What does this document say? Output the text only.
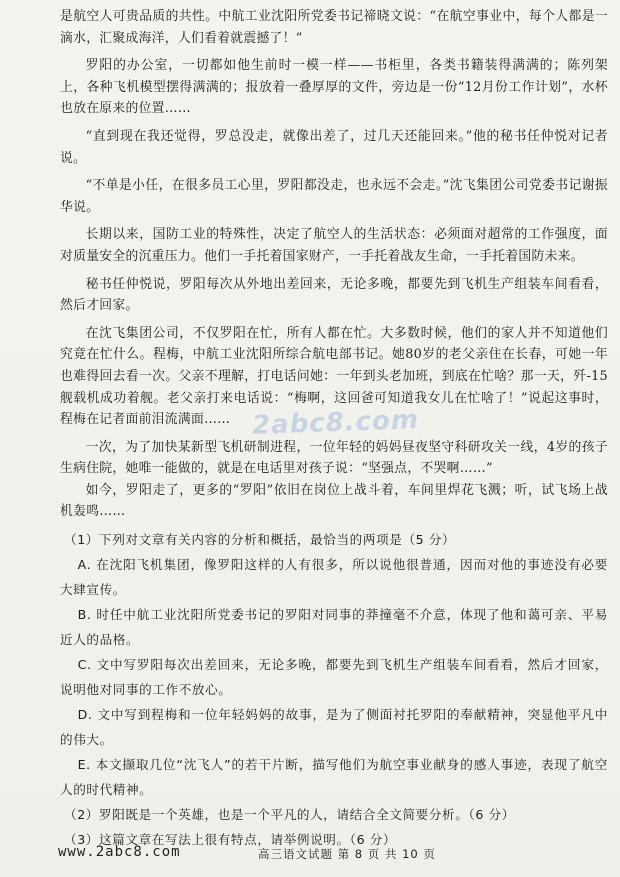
是航空人可贵品质的共性。中航工业沈阳所党委书记禘晓文说：“在航空事业中，每个人都是一滴水，汇聚成海洋，人们看着就震撼了！”

罗阳的办公室，一切都如他生前时一模一样——书柜里，各类书籍装得满满的；陈列架上，各种飞机模型摆得满满的；报放着一叠厚厚的文件，旁边是一份“12月份工作计划”，水杯也放在原来的位置……

“直到现在我还觉得，罗总没走，就像出差了，过几天还能回来。”他的秘书任仲悦对记者说。

“不单是小任，在很多员工心里，罗阳都没走，也永远不会走。”沈飞集团公司党委书记谢振华说。

长期以来，国防工业的特殊性，决定了航空人的生活状态：必须面对超常的工作强度，面对质量安全的沉重压力。他们一手托着国家财产，一手托着战友生命，一手托着国防未来。

秘书任仲悦说，罗阳每次从外地出差回来，无论多晚，都要先到飞机生产组装车间看看，然后才回家。

在沈飞集团公司，不仅罗阳在忙，所有人都在忙。大多数时候，他们的家人并不知道他们究竟在忙什么。程梅，中航工业沈阳所综合航电部书记。她80岁的老父亲住在长春，可她一年也难得回去看一次。父亲不理解，打电话问她：一年到头老加班，到底在忙啥？那一天，歼-15舰载机成功着舰。老父亲打来电话说：“梅啊，这回爸可知道我女儿在忙啥了！”说起这事时，程梅在记者面前泪流满面……

一次，为了加快某新型飞机研制进程，一位年轻的妈妈昼夜坚守科研攻关一线，4岁的孩子生病住院，她唯一能做的，就是在电话里对孩子说：“坚强点，不哭啊……”

如今，罗阳走了，更多的“罗阳”依旧在岗位上战斗着，车间里焊花飞溅；听，试飞场上战机轰鸣……

（1）下列对文章有关内容的分析和概括，最恰当的两项是（5 分）

A. 在沈阳飞机集团，像罗阳这样的人有很多，所以说他很普通，因而对他的事迹没有必要大肆宣传。

B. 时任中航工业沈阳所党委书记的罗阳对同事的莽撞毫不介意，体现了他和蔼可亲、平易近人的品格。

C. 文中写罗阳每次出差回来，无论多晚，都要先到飞机生产组装车间看看，然后才回家，说明他对同事的工作不放心。

D. 文中写到程梅和一位年轻妈妈的故事，是为了侧面衬托罗阳的奉献精神，突显他平凡中的伟大。

E. 本文撷取几位“沈飞人”的若干片断，描写他们为航空事业献身的感人事迹，表现了航空人的时代精神。

（2）罗阳既是一个英雄，也是一个平凡的人，请结合全文简要分析。（6 分）

（3）这篇文章在写法上很有特点，请举例说明。（6 分）

2abc8.com
www.2abc8.com	高三语文试题 第 8 页 共 10 页
